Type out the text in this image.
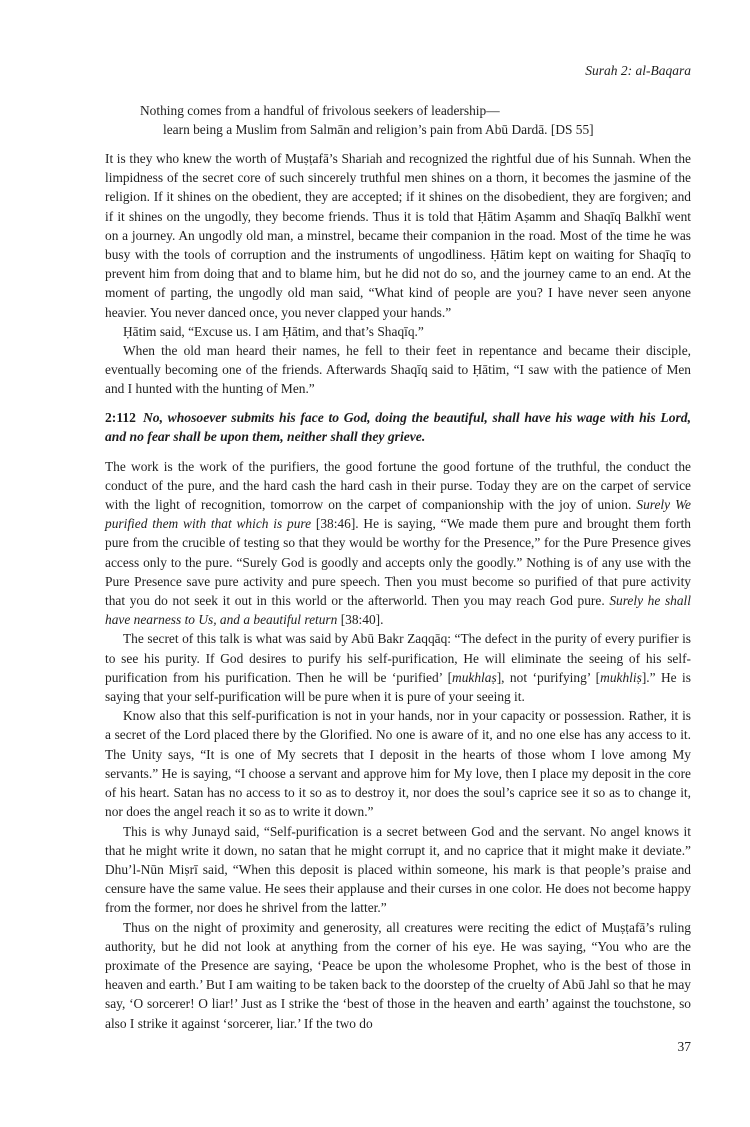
Surah 2: al-Baqara
Nothing comes from a handful of frivolous seekers of leadership—
learn being a Muslim from Salmān and religion’s pain from Abū Dardā. [DS 55]

It is they who knew the worth of Muṣṭafā’s Shariah and recognized the rightful due of his Sunnah. When the limpidness of the secret core of such sincerely truthful men shines on a thorn, it becomes the jasmine of the religion. If it shines on the obedient, they are accepted; if it shines on the disobedient, they are forgiven; and if it shines on the ungodly, they become friends. Thus it is told that Ḥātim Aṣamm and Shaqīq Balkhī went on a journey. An ungodly old man, a minstrel, became their companion in the road. Most of the time he was busy with the tools of corruption and the instruments of ungodliness. Ḥātim kept on waiting for Shaqīq to prevent him from doing that and to blame him, but he did not do so, and the journey came to an end. At the moment of parting, the ungodly old man said, “What kind of people are you? I have never seen anyone heavier. You never danced once, you never clapped your hands.”

Ḥātim said, “Excuse us. I am Ḥātim, and that’s Shaqīq.”

When the old man heard their names, he fell to their feet in repentance and became their disciple, eventually becoming one of the friends. Afterwards Shaqīq said to Ḥātim, “I saw with the patience of Men and I hunted with the hunting of Men.”

2:112 No, whosoever submits his face to God, doing the beautiful, shall have his wage with his Lord, and no fear shall be upon them, neither shall they grieve.

The work is the work of the purifiers, the good fortune the good fortune of the truthful, the conduct the conduct of the pure, and the hard cash the hard cash in their purse. Today they are on the carpet of service with the light of recognition, tomorrow on the carpet of companionship with the joy of union. Surely We purified them with that which is pure [38:46]. He is saying, “We made them pure and brought them forth pure from the crucible of testing so that they would be worthy for the Presence,” for the Pure Presence gives access only to the pure. “Surely God is goodly and accepts only the goodly.” Nothing is of any use with the Pure Presence save pure activity and pure speech. Then you must become so purified of that pure activity that you do not seek it out in this world or the afterworld. Then you may reach God pure. Surely he shall have nearness to Us, and a beautiful return [38:40].

The secret of this talk is what was said by Abū Bakr Zaqqāq: “The defect in the purity of every purifier is to see his purity. If God desires to purify his self-purification, He will eliminate the seeing of his self-purification from his purification. Then he will be ‘purified’ [mukhlaṣ], not ‘purifying’ [mukhliṣ].” He is saying that your self-purification will be pure when it is pure of your seeing it.

Know also that this self-purification is not in your hands, nor in your capacity or possession. Rather, it is a secret of the Lord placed there by the Glorified. No one is aware of it, and no one else has any access to it. The Unity says, “It is one of My secrets that I deposit in the hearts of those whom I love among My servants.” He is saying, “I choose a servant and approve him for My love, then I place my deposit in the core of his heart. Satan has no access to it so as to destroy it, nor does the soul’s caprice see it so as to change it, nor does the angel reach it so as to write it down.”

This is why Junayd said, “Self-purification is a secret between God and the servant. No angel knows it that he might write it down, no satan that he might corrupt it, and no caprice that it might make it deviate.” Dhu’l-Nūn Miṣrī said, “When this deposit is placed within someone, his mark is that people’s praise and censure have the same value. He sees their applause and their curses in one color. He does not become happy from the former, nor does he shrivel from the latter.”

Thus on the night of proximity and generosity, all creatures were reciting the edict of Muṣṭafā’s ruling authority, but he did not look at anything from the corner of his eye. He was saying, “You who are the proximate of the Presence are saying, ‘Peace be upon the wholesome Prophet, who is the best of those in heaven and earth.’ But I am waiting to be taken back to the doorstep of the cruelty of Abū Jahl so that he may say, ‘O sorcerer! O liar!’ Just as I strike the ‘best of those in the heaven and earth’ against the touchstone, so also I strike it against ‘sorcerer, liar.’ If the two do

37
